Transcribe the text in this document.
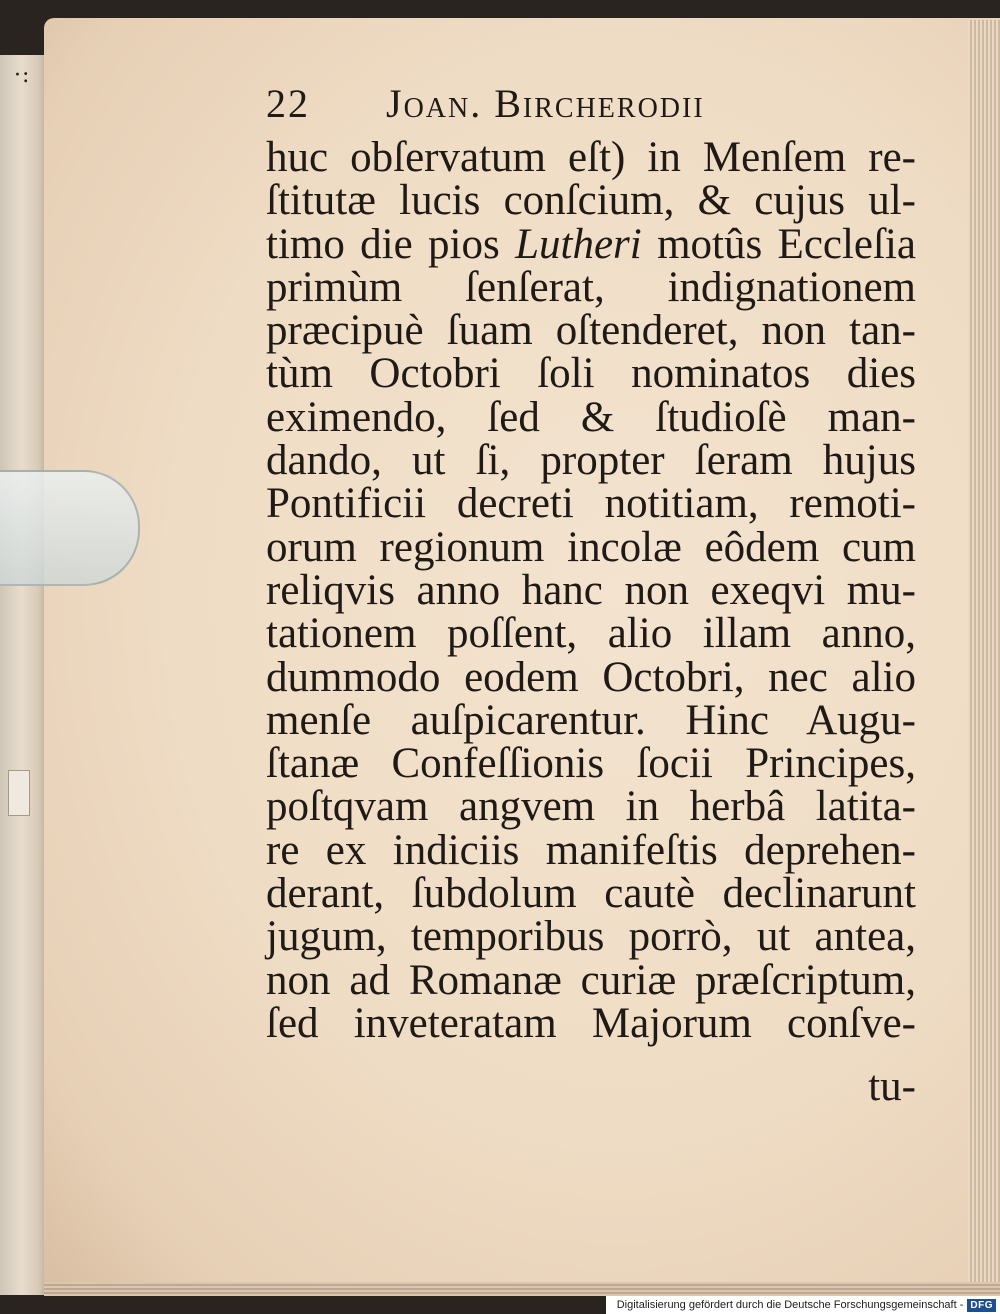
·:
22	Joan. Bircherodii
huc obſervatum eſt) in Menſem re-
ſtitutæ lucis conſcium, & cujus ul-
timo die pios Lutheri motûs Eccleſia
primùm ſenſerat, indignationem
præcipuè ſuam oſtenderet, non tan-
tùm Octobri ſoli nominatos dies
eximendo, ſed & ſtudioſè man-
dando, ut ſi, propter ſeram hujus
Pontificii decreti notitiam, remoti-
orum regionum incolæ eôdem cum
reliqvis anno hanc non exeqvi mu-
tationem poſſent, alio illam anno,
dummodo eodem Octobri, nec alio
menſe auſpicarentur. Hinc Augu-
ſtanæ Confeſſionis ſocii Principes,
poſtqvam angvem in herbâ latita-
re ex indiciis manifeſtis deprehen-
derant, ſubdolum cautè declinarunt
jugum, temporibus porrò, ut antea,
non ad Romanæ curiæ præſcriptum,
ſed inveteratam Majorum conſve-
tu-
Digitalisierung gefördert durch die Deutsche Forschungsgemeinschaft - DFG
